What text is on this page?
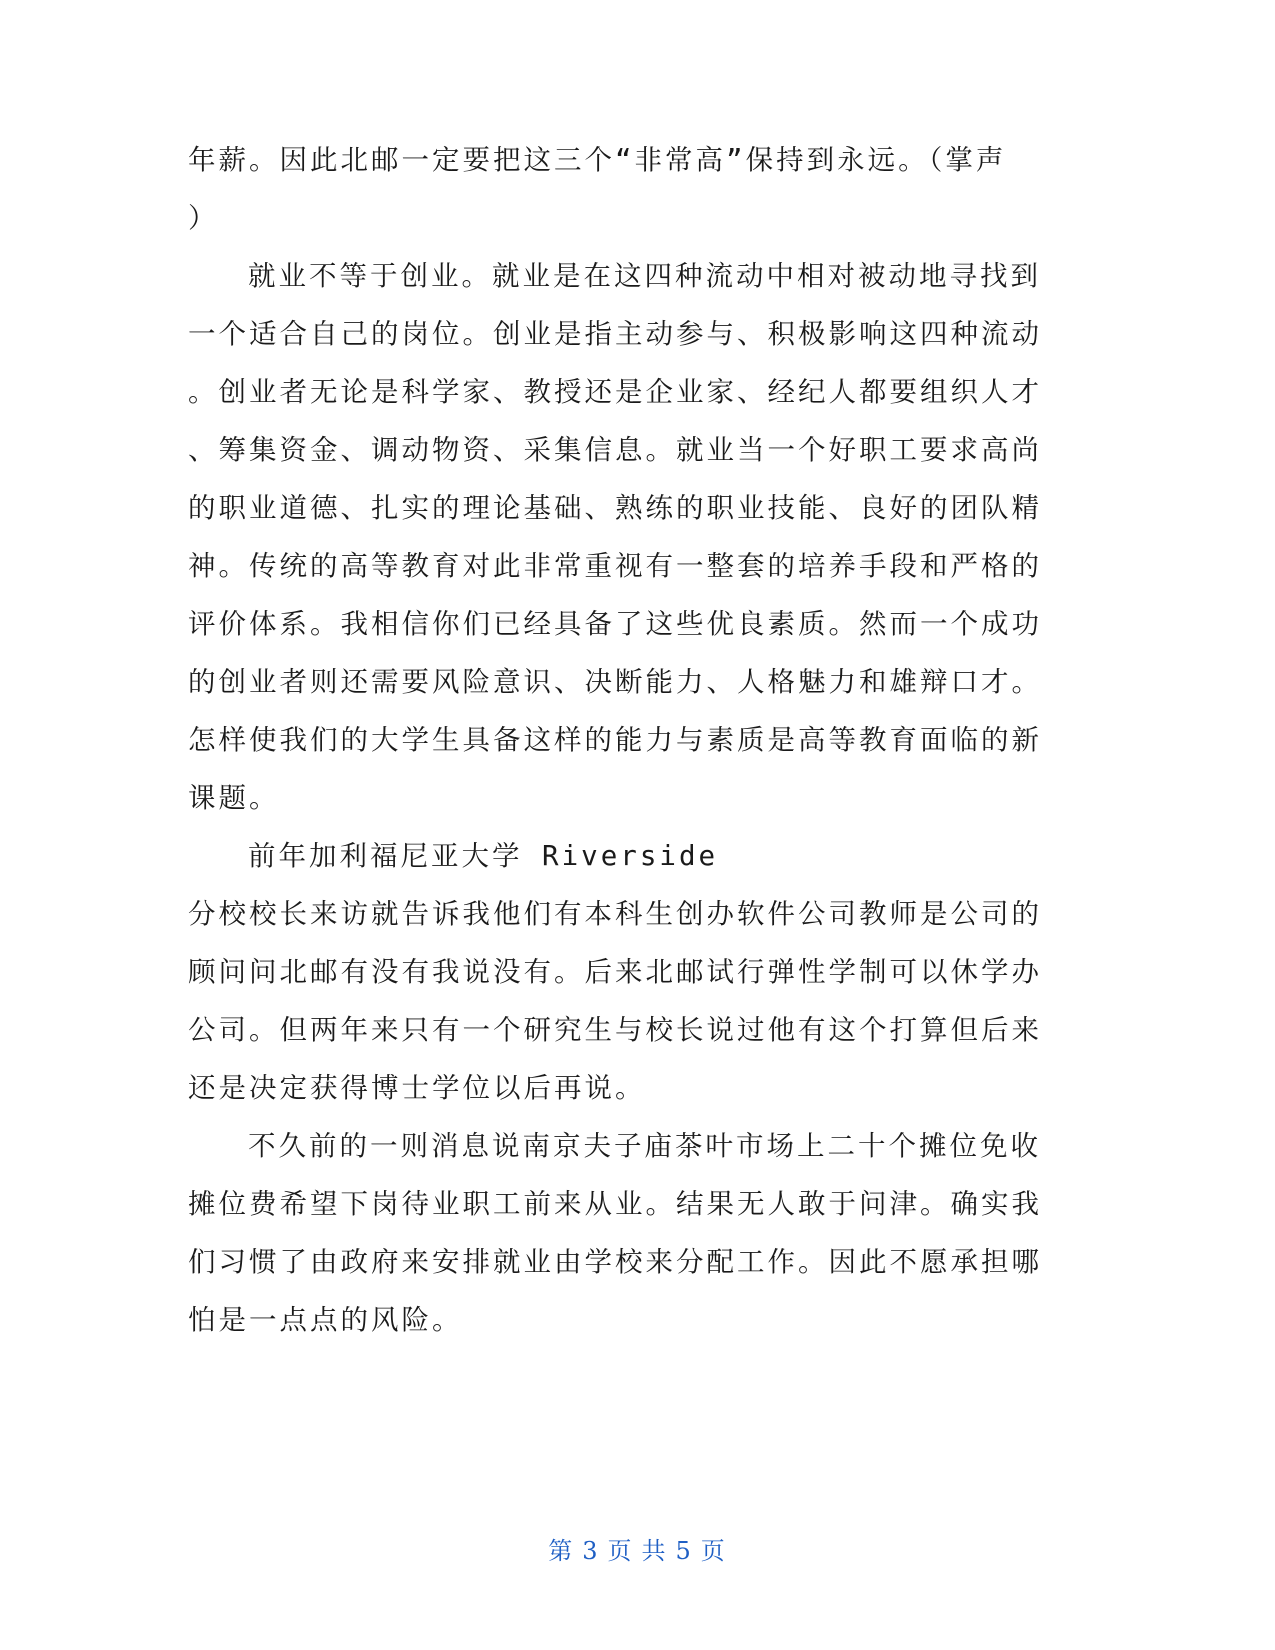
年薪。因此北邮一定要把这三个“非常高”保持到永远。（掌声
）
就业不等于创业。就业是在这四种流动中相对被动地寻找到
一个适合自己的岗位。创业是指主动参与、积极影响这四种流动
。创业者无论是科学家、教授还是企业家、经纪人都要组织人才
、筹集资金、调动物资、采集信息。就业当一个好职工要求高尚
的职业道德、扎实的理论基础、熟练的职业技能、良好的团队精
神。传统的高等教育对此非常重视有一整套的培养手段和严格的
评价体系。我相信你们已经具备了这些优良素质。然而一个成功
的创业者则还需要风险意识、决断能力、人格魅力和雄辩口才。
怎样使我们的大学生具备这样的能力与素质是高等教育面临的新
课题。
前年加利福尼亚大学 Riverside
分校校长来访就告诉我他们有本科生创办软件公司教师是公司的
顾问问北邮有没有我说没有。后来北邮试行弹性学制可以休学办
公司。但两年来只有一个研究生与校长说过他有这个打算但后来
还是决定获得博士学位以后再说。
不久前的一则消息说南京夫子庙茶叶市场上二十个摊位免收
摊位费希望下岗待业职工前来从业。结果无人敢于问津。确实我
们习惯了由政府来安排就业由学校来分配工作。因此不愿承担哪
怕是一点点的风险。
第 3 页 共 5 页
